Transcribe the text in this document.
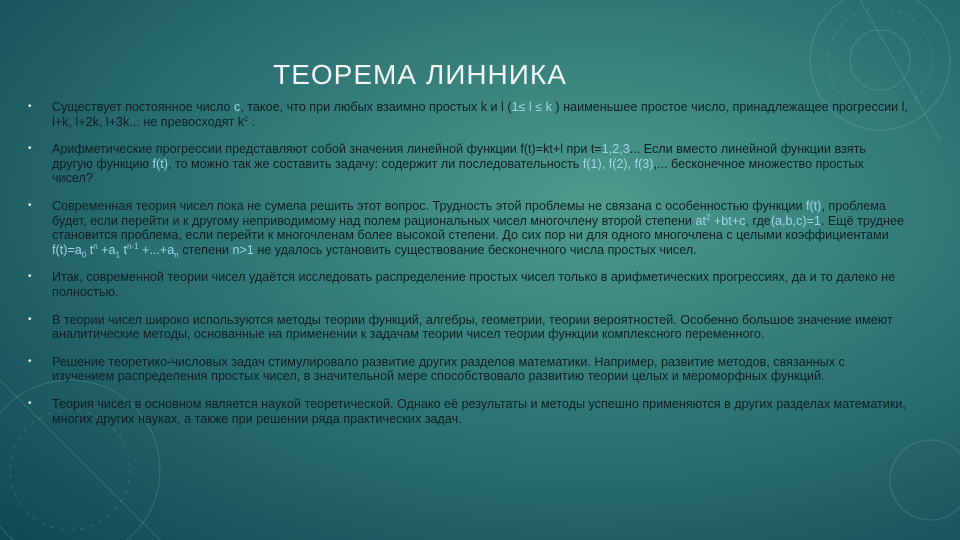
ТЕОРЕМА ЛИННИКА
• Существует постоянное число c, такое, что при любых взаимно простых k и l (1≤ l ≤ k ) наименьшее простое число, принадлежащее прогрессии l, l+k, l+2k, l+3k... не превосходят $k^c$ .
• Арифметические прогрессии представляют собой значения линейной функции f(t)=kt+l при t=1,2,3... Если вместо линейной функции взять другую функцию f(t), то можно так же составить задачу: содержит ли последовательность f(1), f(2), f(3),... бесконечное множество простых чисел?
• Современная теория чисел пока не сумела решить этот вопрос. Трудность этой проблемы не связана с особенностью функции f(t), проблема будет, если перейти и к другому неприводимому над полем рациональных чисел многочлену второй степени $at^2 +bt+c$, где(a,b,c)=1. Ещё труднее становится проблема, если перейти к многочленам более высокой степени. До сих пор ни для одного многочлена с целыми коэффициентами $f(t)=a_0$ $t^n +a_1$ $t^{n-1} +...+a_n$ степени n>1 не удалось установить существование бесконечного числа простых чисел.
• Итак, современной теории чисел удаётся исследовать распределение простых чисел только в арифметических прогрессиях, да и то далеко не полностью.
• В теории чисел широко используются методы теории функций, алгебры, геометрии, теории вероятностей. Особенно большое значение имеют аналитические методы, основанные на применении к задачам теории чисел теории функции комплексного переменного.
• Решение теоретико-числовых задач стимулировало развитие других разделов математики. Например, развитие методов, связанных с изучением распределения простых чисел, в значительной мере способствовало развитию теории целых и мероморфных функций.
• Теория чисел в основном является наукой теоретической. Однако её результаты и методы успешно применяются в других разделах математики, многих других науках, а также при решении ряда практических задач.
